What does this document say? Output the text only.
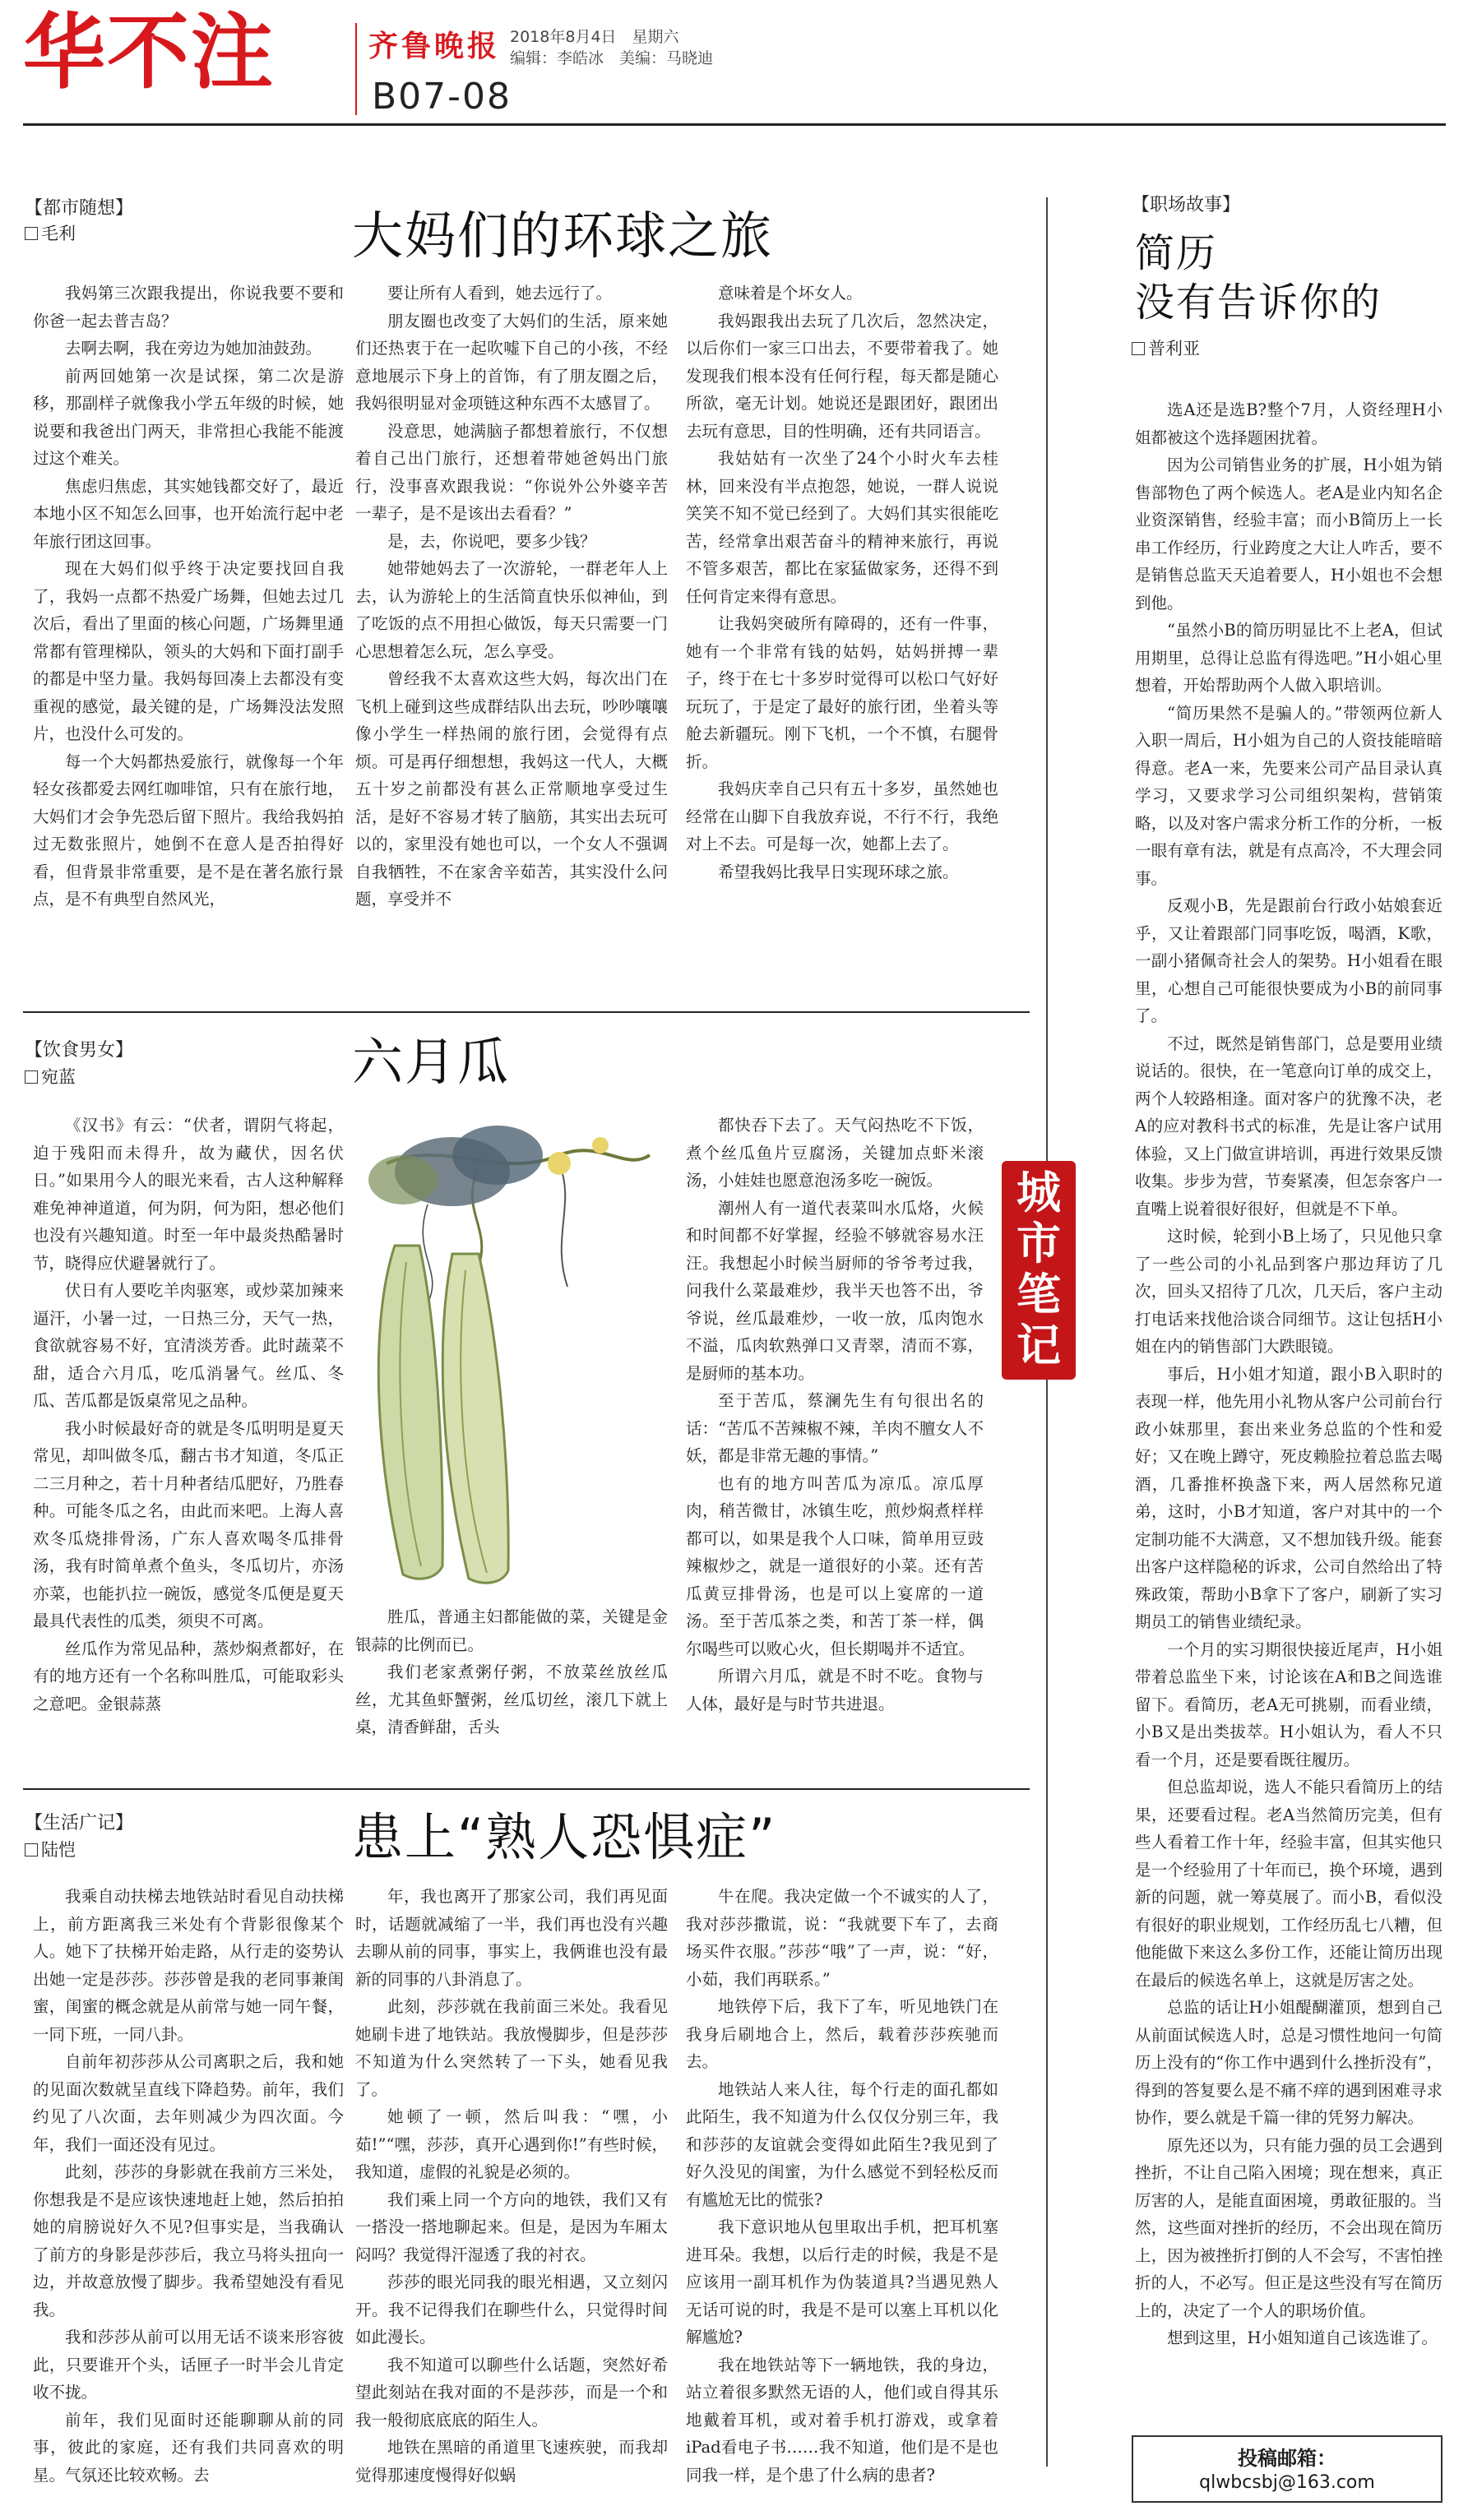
华不注	齐鲁晚报 2018年8月4日　星期六
编辑：李皓冰　美编：马晓迪
B07-08
【都市随想】
毛利	大妈们的环球之旅

我妈第三次跟我提出，你说我要不要和你爸一起去普吉岛？

去啊去啊，我在旁边为她加油鼓劲。

前两回她第一次是试探，第二次是游移，那副样子就像我小学五年级的时候，她说要和我爸出门两天，非常担心我能不能渡过这个难关。

焦虑归焦虑，其实她钱都交好了，最近本地小区不知怎么回事，也开始流行起中老年旅行团这回事。

现在大妈们似乎终于决定要找回自我了，我妈一点都不热爱广场舞，但她去过几次后，看出了里面的核心问题，广场舞里通常都有管理梯队，领头的大妈和下面打副手的都是中坚力量。我妈每回凑上去都没有变重视的感觉，最关键的是，广场舞没法发照片，也没什么可发的。

每一个大妈都热爱旅行，就像每一个年轻女孩都爱去网红咖啡馆，只有在旅行地，大妈们才会争先恐后留下照片。我给我妈拍过无数张照片，她倒不在意人是否拍得好看，但背景非常重要，是不是在著名旅行景点，是不有典型自然风光，

要让所有人看到，她去远行了。

朋友圈也改变了大妈们的生活，原来她们还热衷于在一起吹嘘下自己的小孩，不经意地展示下身上的首饰，有了朋友圈之后，我妈很明显对金项链这种东西不太感冒了。

没意思，她满脑子都想着旅行，不仅想着自己出门旅行，还想着带她爸妈出门旅行，没事喜欢跟我说：“你说外公外婆辛苦一辈子，是不是该出去看看？”

是，去，你说吧，要多少钱？

她带她妈去了一次游轮，一群老年人上去，认为游轮上的生活简直快乐似神仙，到了吃饭的点不用担心做饭，每天只需要一门心思想着怎么玩，怎么享受。

曾经我不太喜欢这些大妈，每次出门在飞机上碰到这些成群结队出去玩，吵吵嚷嚷像小学生一样热闹的旅行团，会觉得有点烦。可是再仔细想想，我妈这一代人，大概五十岁之前都没有甚么正常顺地享受过生活，是好不容易才转了脑筋，其实出去玩可以的，家里没有她也可以，一个女人不强调自我牺牲，不在家舍辛茹苦，其实没什么问题，享受并不

意味着是个坏女人。

我妈跟我出去玩了几次后，忽然决定，以后你们一家三口出去，不要带着我了。她发现我们根本没有任何行程，每天都是随心所欲，毫无计划。她说还是跟团好，跟团出去玩有意思，目的性明确，还有共同语言。

我姑姑有一次坐了24个小时火车去桂林，回来没有半点抱怨，她说，一群人说说笑笑不知不觉已经到了。大妈们其实很能吃苦，经常拿出艰苦奋斗的精神来旅行，再说不管多艰苦，都比在家猛做家务，还得不到任何肯定来得有意思。

让我妈突破所有障碍的，还有一件事，她有一个非常有钱的姑妈，姑妈拼搏一辈子，终于在七十多岁时觉得可以松口气好好玩玩了，于是定了最好的旅行团，坐着头等舱去新疆玩。刚下飞机，一个不慎，右腿骨折。

我妈庆幸自己只有五十多岁，虽然她也经常在山脚下自我放弃说，不行不行，我绝对上不去。可是每一次，她都上去了。

希望我妈比我早日实现环球之旅。

【饮食男女】
宛蓝	六月瓜

《汉书》有云：“伏者，谓阴气将起，迫于残阳而未得升，故为藏伏，因名伏日。”如果用今人的眼光来看，古人这种解释难免神神道道，何为阴，何为阳，想必他们也没有兴趣知道。时至一年中最炎热酷暑时节，晓得应伏避暑就行了。

伏日有人要吃羊肉驱寒，或炒菜加辣来逼汗，小暑一过，一日热三分，天气一热，食欲就容易不好，宜清淡芳香。此时蔬菜不甜，适合六月瓜，吃瓜消暑气。丝瓜、冬瓜、苦瓜都是饭桌常见之品种。

我小时候最好奇的就是冬瓜明明是夏天常见，却叫做冬瓜，翻古书才知道，冬瓜正二三月种之，若十月种者结瓜肥好，乃胜春种。可能冬瓜之名，由此而来吧。上海人喜欢冬瓜烧排骨汤，广东人喜欢喝冬瓜排骨汤，我有时简单煮个鱼头，冬瓜切片，亦汤亦菜，也能扒拉一碗饭，感觉冬瓜便是夏天最具代表性的瓜类，须臾不可离。

丝瓜作为常见品种，蒸炒焖煮都好，在有的地方还有一个名称叫胜瓜，可能取彩头之意吧。金银蒜蒸

胜瓜，普通主妇都能做的菜，关键是金银蒜的比例而已。

我们老家煮粥仔粥，不放菜丝放丝瓜丝，尤其鱼虾蟹粥，丝瓜切丝，滚几下就上桌，清香鲜甜，舌头

都快吞下去了。天气闷热吃不下饭，煮个丝瓜鱼片豆腐汤，关键加点虾米滚汤，小娃娃也愿意泡汤多吃一碗饭。

潮州人有一道代表菜叫水瓜烙，火候和时间都不好掌握，经验不够就容易水汪汪。我想起小时候当厨师的爷爷考过我，问我什么菜最难炒，我半天也答不出，爷爷说，丝瓜最难炒，一收一放，瓜肉饱水不溢，瓜肉软熟弹口又青翠，清而不寡，是厨师的基本功。

至于苦瓜，蔡澜先生有句很出名的话：“苦瓜不苦辣椒不辣，羊肉不膻女人不妖，都是非常无趣的事情。”

也有的地方叫苦瓜为凉瓜。凉瓜厚肉，稍苦微甘，冰镇生吃，煎炒焖煮样样都可以，如果是我个人口味，简单用豆豉辣椒炒之，就是一道很好的小菜。还有苦瓜黄豆排骨汤，也是可以上宴席的一道汤。至于苦瓜茶之类，和苦丁茶一样，偶尔喝些可以败心火，但长期喝并不适宜。

所谓六月瓜，就是不时不吃。食物与人体，最好是与时节共进退。

【生活广记】
陆恺	患上“熟人恐惧症”

我乘自动扶梯去地铁站时看见自动扶梯上，前方距离我三米处有个背影很像某个人。她下了扶梯开始走路，从行走的姿势认出她一定是莎莎。莎莎曾是我的老同事兼闺蜜，闺蜜的概念就是从前常与她一同午餐，一同下班，一同八卦。

自前年初莎莎从公司离职之后，我和她的见面次数就呈直线下降趋势。前年，我们约见了八次面，去年则减少为四次面。今年，我们一面还没有见过。

此刻，莎莎的身影就在我前方三米处，你想我是不是应该快速地赶上她，然后拍拍她的肩膀说好久不见?但事实是，当我确认了前方的身影是莎莎后，我立马将头扭向一边，并故意放慢了脚步。我希望她没有看见我。

我和莎莎从前可以用无话不谈来形容彼此，只要谁开个头，话匣子一时半会儿肯定收不拢。

前年，我们见面时还能聊聊从前的同事，彼此的家庭，还有我们共同喜欢的明星。气氛还比较欢畅。去

年，我也离开了那家公司，我们再见面时，话题就减缩了一半，我们再也没有兴趣去聊从前的同事，事实上，我俩谁也没有最新的同事的八卦消息了。

此刻，莎莎就在我前面三米处。我看见她刷卡进了地铁站。我放慢脚步，但是莎莎不知道为什么突然转了一下头，她看见我了。

她顿了一顿，然后叫我：“嘿，小茹!”“嘿，莎莎，真开心遇到你!”有些时候，我知道，虚假的礼貌是必须的。

我们乘上同一个方向的地铁，我们又有一搭没一搭地聊起来。但是，是因为车厢太闷吗？我觉得汗湿透了我的衬衣。

莎莎的眼光同我的眼光相遇，又立刻闪开。我不记得我们在聊些什么，只觉得时间如此漫长。

我不知道可以聊些什么话题，突然好希望此刻站在我对面的不是莎莎，而是一个和我一般彻底底底的陌生人。

地铁在黑暗的甬道里飞速疾驶，而我却觉得那速度慢得好似蜗

牛在爬。我决定做一个不诚实的人了，我对莎莎撒谎，说：“我就要下车了，去商场买件衣服。”莎莎“哦”了一声，说：“好，小茹，我们再联系。”

地铁停下后，我下了车，听见地铁门在我身后刷地合上，然后，载着莎莎疾驰而去。

地铁站人来人往，每个行走的面孔都如此陌生，我不知道为什么仅仅分别三年，我和莎莎的友谊就会变得如此陌生?我见到了好久没见的闺蜜，为什么感觉不到轻松反而有尴尬无比的慌张?

我下意识地从包里取出手机，把耳机塞进耳朵。我想，以后行走的时候，我是不是应该用一副耳机作为伪装道具?当遇见熟人无话可说的时，我是不是可以塞上耳机以化解尴尬?

我在地铁站等下一辆地铁，我的身边，站立着很多默然无语的人，他们或自得其乐地戴着耳机，或对着手机打游戏，或拿着iPad看电子书……我不知道，他们是不是也同我一样，是个患了什么病的患者?

城
市
笔
记
【职场故事】
简历
没有告诉你的
普利亚

选A还是选B?整个7月，人资经理H小姐都被这个选择题困扰着。

因为公司销售业务的扩展，H小姐为销售部物色了两个候选人。老A是业内知名企业资深销售，经验丰富；而小B简历上一长串工作经历，行业跨度之大让人咋舌，要不是销售总监天天追着要人，H小姐也不会想到他。

“虽然小B的简历明显比不上老A，但试用期里，总得让总监有得选吧。”H小姐心里想着，开始帮助两个人做入职培训。

“简历果然不是骗人的。”带领两位新人入职一周后，H小姐为自己的人资技能暗暗得意。老A一来，先要来公司产品目录认真学习，又要求学习公司组织架构，营销策略，以及对客户需求分析工作的分析，一板一眼有章有法，就是有点高冷，不大理会同事。

反观小B，先是跟前台行政小姑娘套近乎，又让着跟部门同事吃饭，喝酒，K歌，一副小猪佩奇社会人的架势。H小姐看在眼里，心想自己可能很快要成为小B的前同事了。

不过，既然是销售部门，总是要用业绩说话的。很快，在一笔意向订单的成交上，两个人较路相逢。面对客户的犹豫不决，老A的应对教科书式的标准，先是让客户试用体验，又上门做宣讲培训，再进行效果反馈收集。步步为营，节奏紧凑，但怎奈客户一直嘴上说着很好很好，但就是不下单。

这时候，轮到小B上场了，只见他只拿了一些公司的小礼品到客户那边拜访了几次，回头又招待了几次，几天后，客户主动打电话来找他洽谈合同细节。这让包括H小姐在内的销售部门大跌眼镜。

事后，H小姐才知道，跟小B入职时的表现一样，他先用小礼物从客户公司前台行政小妹那里，套出来业务总监的个性和爱好；又在晚上蹲守，死皮赖脸拉着总监去喝酒，几番推杯换盏下来，两人居然称兄道弟，这时，小B才知道，客户对其中的一个定制功能不大满意，又不想加钱升级。能套出客户这样隐秘的诉求，公司自然给出了特殊政策，帮助小B拿下了客户，刷新了实习期员工的销售业绩纪录。

一个月的实习期很快接近尾声，H小姐带着总监坐下来，讨论该在A和B之间选谁留下。看简历，老A无可挑剔，而看业绩，小B又是出类拔萃。H小姐认为，看人不只看一个月，还是要看既往履历。

但总监却说，选人不能只看简历上的结果，还要看过程。老A当然简历完美，但有些人看着工作十年，经验丰富，但其实他只是一个经验用了十年而已，换个环境，遇到新的问题，就一筹莫展了。而小B，看似没有很好的职业规划，工作经历乱七八糟，但他能做下来这么多份工作，还能让简历出现在最后的候选名单上，这就是厉害之处。

总监的话让H小姐醍醐灌顶，想到自己从前面试候选人时，总是习惯性地问一句简历上没有的“你工作中遇到什么挫折没有”，得到的答复要么是不痛不痒的遇到困难寻求协作，要么就是千篇一律的凭努力解决。

原先还以为，只有能力强的员工会遇到挫折，不让自己陷入困境；现在想来，真正厉害的人，是能直面困境，勇敢征服的。当然，这些面对挫折的经历，不会出现在简历上，因为被挫折打倒的人不会写，不害怕挫折的人，不必写。但正是这些没有写在简历上的，决定了一个人的职场价值。

想到这里，H小姐知道自己该选谁了。

投稿邮箱：
qlwbcsbj@163.com
